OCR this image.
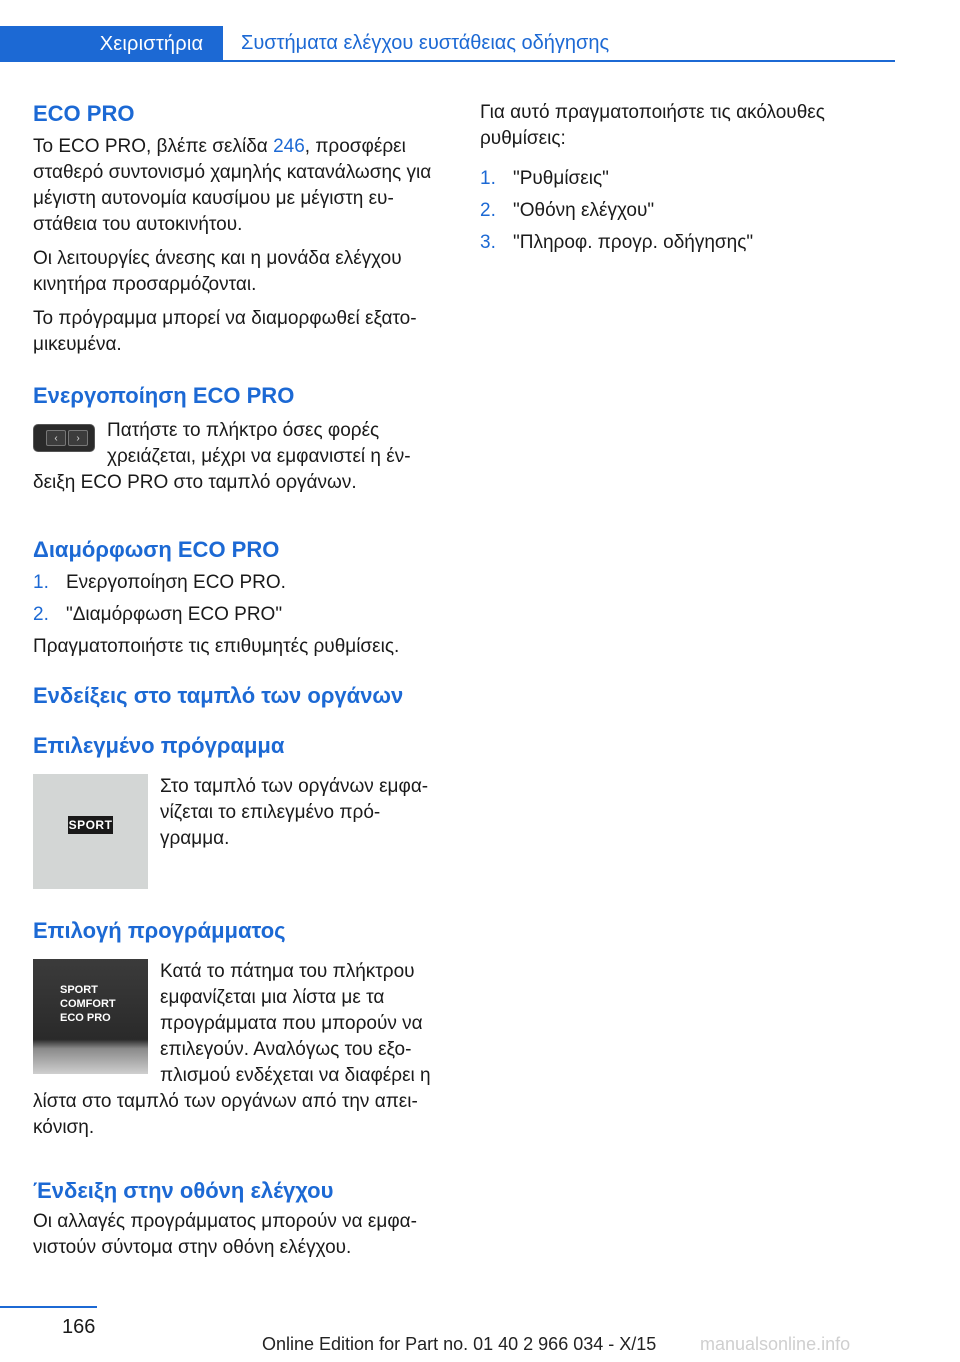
Χειριστήρια Συστήματα ελέγχου ευστάθειας οδήγησης
ECO PRO

Το ECO PRO, βλέπε σελίδα 246, προσφέρει σταθερό συντονισμό χαμηλής κατανάλωσης για μέγιστη αυτονομία καυσίμου με μέγιστη ευ-στάθεια του αυτοκινήτου.

Οι λειτουργίες άνεσης και η μονάδα ελέγχου κινητήρα προσαρμόζονται.

Το πρόγραμμα μπορεί να διαμορφωθεί εξατο-μικευμένα.

Ενεργοποίηση ECO PRO
‹	›	Πατήστε το πλήκτρο όσες φορές χρειάζεται, μέχρι να εμφανιστεί η έν-δειξη ECO PRO στο ταμπλό οργάνων.

Διαμόρφωση ECO PRO
1. Ενεργοποίηση ECO PRO.
2. "Διαμόρφωση ECO PRO"

Πραγματοποιήστε τις επιθυμητές ρυθμίσεις.

Ενδείξεις στο ταμπλό των οργάνων
Επιλεγμένο πρόγραμμα
SPORT

Στο ταμπλό των οργάνων εμφα-νίζεται το επιλεγμένο πρό-γραμμα.

Επιλογή προγράμματος
SPORT
COMFORT
ECO PRO

Κατά το πάτημα του πλήκτρου εμφανίζεται μια λίστα με τα προγράμματα που μπορούν να επιλεγούν. Αναλόγως του εξο-πλισμού ενδέχεται να διαφέρει η λίστα στο ταμπλό των οργάνων από την απει-κόνιση.

Ένδειξη στην οθόνη ελέγχου

Οι αλλαγές προγράμματος μπορούν να εμφα-νιστούν σύντομα στην οθόνη ελέγχου.

Για αυτό πραγματοποιήστε τις ακόλουθες ρυθμίσεις:

1. "Ρυθμίσεις"
2. "Οθόνη ελέγχου"
3. "Πληροφ. προγρ. οδήγησης"
166
Online Edition for Part no. 01 40 2 966 034 - X/15 manualsonline.info
